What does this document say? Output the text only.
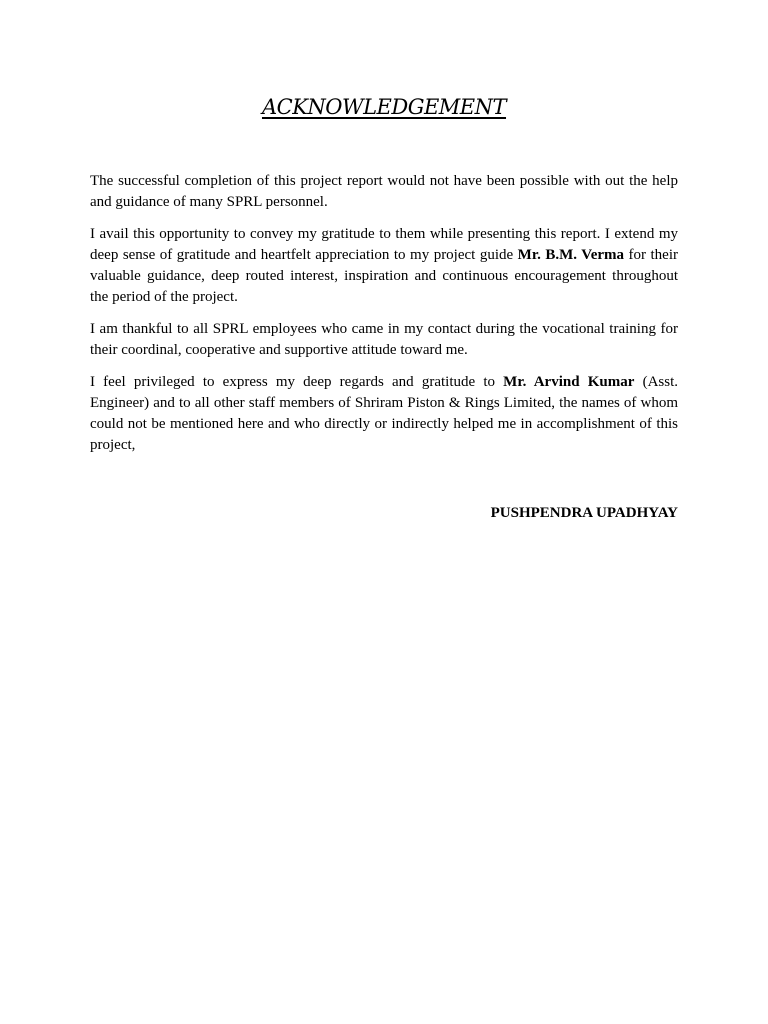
ACKNOWLEDGEMENT

The successful completion of this project report would not have been possible with out the help and guidance of many SPRL personnel.

I avail this opportunity to convey my gratitude to them while presenting this report. I extend my deep sense of gratitude and heartfelt appreciation to my project guide Mr. B.M. Verma for their valuable guidance, deep routed interest, inspiration and continuous encouragement throughout the period of the project.

I am thankful to all SPRL employees who came in my contact during the vocational training for their coordinal, cooperative and supportive attitude toward me.

I feel privileged to express my deep regards and gratitude to Mr. Arvind Kumar (Asst. Engineer) and to all other staff members of Shriram Piston & Rings Limited, the names of whom could not be mentioned here and who directly or indirectly helped me in accomplishment of this project,

PUSHPENDRA UPADHYAY
